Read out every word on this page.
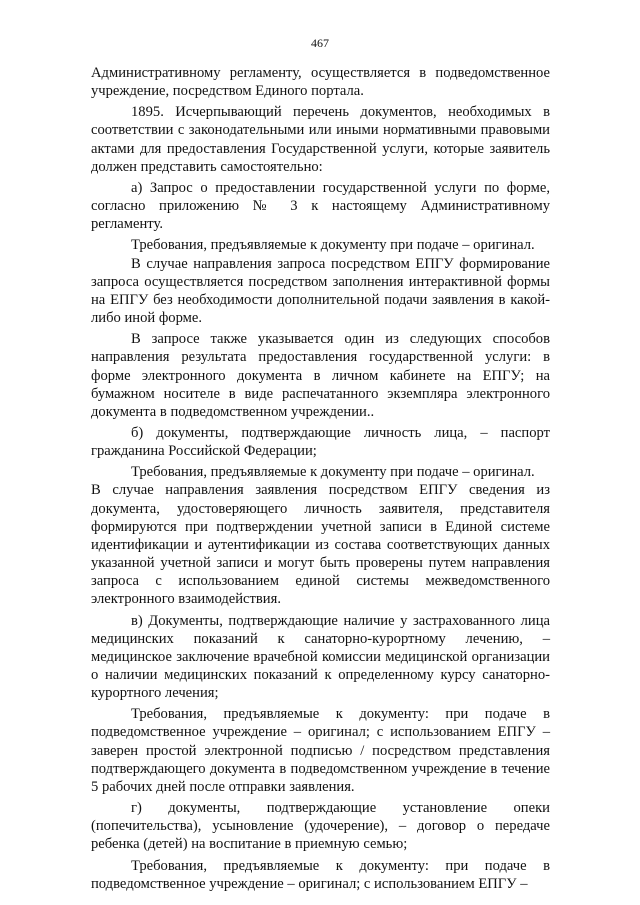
467

Административному регламенту, осуществляется в подведомственное учреждение, посредством Единого портала.

1895. Исчерпывающий перечень документов, необходимых в соответствии с законодательными или иными нормативными правовыми актами для предоставления Государственной услуги, которые заявитель должен представить самостоятельно:

а) Запрос о предоставлении государственной услуги по форме, согласно приложению № 3 к настоящему Административному регламенту.

Требования, предъявляемые к документу при подаче – оригинал.

В случае направления запроса посредством ЕПГУ формирование запроса осуществляется посредством заполнения интерактивной формы на ЕПГУ без необходимости дополнительной подачи заявления в какой-либо иной форме.

В запросе также указывается один из следующих способов направления результата предоставления государственной услуги: в форме электронного документа в личном кабинете на ЕПГУ; на бумажном носителе в виде распечатанного экземпляра электронного документа в подведомственном учреждении..

б) документы, подтверждающие личность лица, – паспорт гражданина Российской Федерации;

Требования, предъявляемые к документу при подаче – оригинал.

В случае направления заявления посредством ЕПГУ сведения из документа, удостоверяющего личность заявителя, представителя формируются при подтверждении учетной записи в Единой системе идентификации и аутентификации из состава соответствующих данных указанной учетной записи и могут быть проверены путем направления запроса с использованием единой системы межведомственного электронного взаимодействия.

в) Документы, подтверждающие наличие у застрахованного лица медицинских показаний к санаторно-курортному лечению, – медицинское заключение врачебной комиссии медицинской организации о наличии медицинских показаний к определенному курсу санаторно-курортного лечения;

Требования, предъявляемые к документу: при подаче в подведомственное учреждение – оригинал; с использованием ЕПГУ – заверен простой электронной подписью / посредством представления подтверждающего документа в подведомственном учреждение в течение 5 рабочих дней после отправки заявления.

г) документы, подтверждающие установление опеки (попечительства), усыновление (удочерение), – договор о передаче ребенка (детей) на воспитание в приемную семью;

Требования, предъявляемые к документу: при подаче в подведомственное учреждение – оригинал; с использованием ЕПГУ –
